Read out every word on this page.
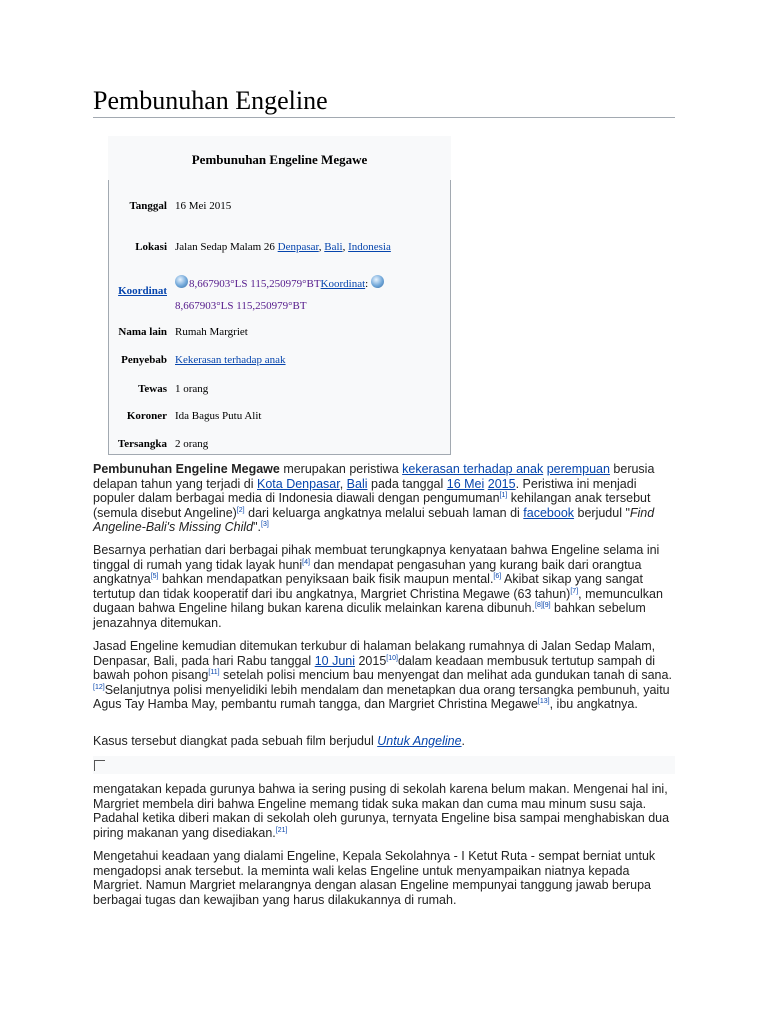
Pembunuhan Engeline
Pembunuhan Engeline Megawe
Tanggal 16 Mei 2015
Lokasi Jalan Sedap Malam 26 Denpasar, Bali, Indonesia
Koordinat
8,667903°LS 115,250979°BTKoordinat:
8,667903°LS 115,250979°BT
Nama lain Rumah Margriet
Penyebab Kekerasan terhadap anak
Tewas 1 orang
Koroner Ida Bagus Putu Alit
Tersangka 2 orang

Pembunuhan Engeline Megawe merupakan peristiwa kekerasan terhadap anak perempuan berusia delapan tahun yang terjadi di Kota Denpasar, Bali pada tanggal 16 Mei 2015. Peristiwa ini menjadi populer dalam berbagai media di Indonesia diawali dengan pengumuman[1] kehilangan anak tersebut (semula disebut Angeline)[2] dari keluarga angkatnya melalui sebuah laman di facebook berjudul "Find Angeline-Bali's Missing Child".[3]

Besarnya perhatian dari berbagai pihak membuat terungkapnya kenyataan bahwa Engeline selama ini tinggal di rumah yang tidak layak huni[4] dan mendapat pengasuhan yang kurang baik dari orangtua angkatnya[5] bahkan mendapatkan penyiksaan baik fisik maupun mental.[6] Akibat sikap yang sangat tertutup dan tidak kooperatif dari ibu angkatnya, Margriet Christina Megawe (63 tahun)[7], memunculkan dugaan bahwa Engeline hilang bukan karena diculik melainkan karena dibunuh.[8][9] bahkan sebelum jenazahnya ditemukan.

Jasad Engeline kemudian ditemukan terkubur di halaman belakang rumahnya di Jalan Sedap Malam, Denpasar, Bali, pada hari Rabu tanggal 10 Juni 2015[10]dalam keadaan membusuk tertutup sampah di bawah pohon pisang[11] setelah polisi mencium bau menyengat dan melihat ada gundukan tanah di sana.[12]Selanjutnya polisi menyelidiki lebih mendalam dan menetapkan dua orang tersangka pembunuh, yaitu Agus Tay Hamba May, pembantu rumah tangga, dan Margriet Christina Megawe[13], ibu angkatnya.

Kasus tersebut diangkat pada sebuah film berjudul Untuk Angeline.

mengatakan kepada gurunya bahwa ia sering pusing di sekolah karena belum makan. Mengenai hal ini, Margriet membela diri bahwa Engeline memang tidak suka makan dan cuma mau minum susu saja. Padahal ketika diberi makan di sekolah oleh gurunya, ternyata Engeline bisa sampai menghabiskan dua piring makanan yang disediakan.[21]

Mengetahui keadaan yang dialami Engeline, Kepala Sekolahnya - I Ketut Ruta - sempat berniat untuk mengadopsi anak tersebut. Ia meminta wali kelas Engeline untuk menyampaikan niatnya kepada Margriet. Namun Margriet melarangnya dengan alasan Engeline mempunyai tanggung jawab berupa berbagai tugas dan kewajiban yang harus dilakukannya di rumah.
